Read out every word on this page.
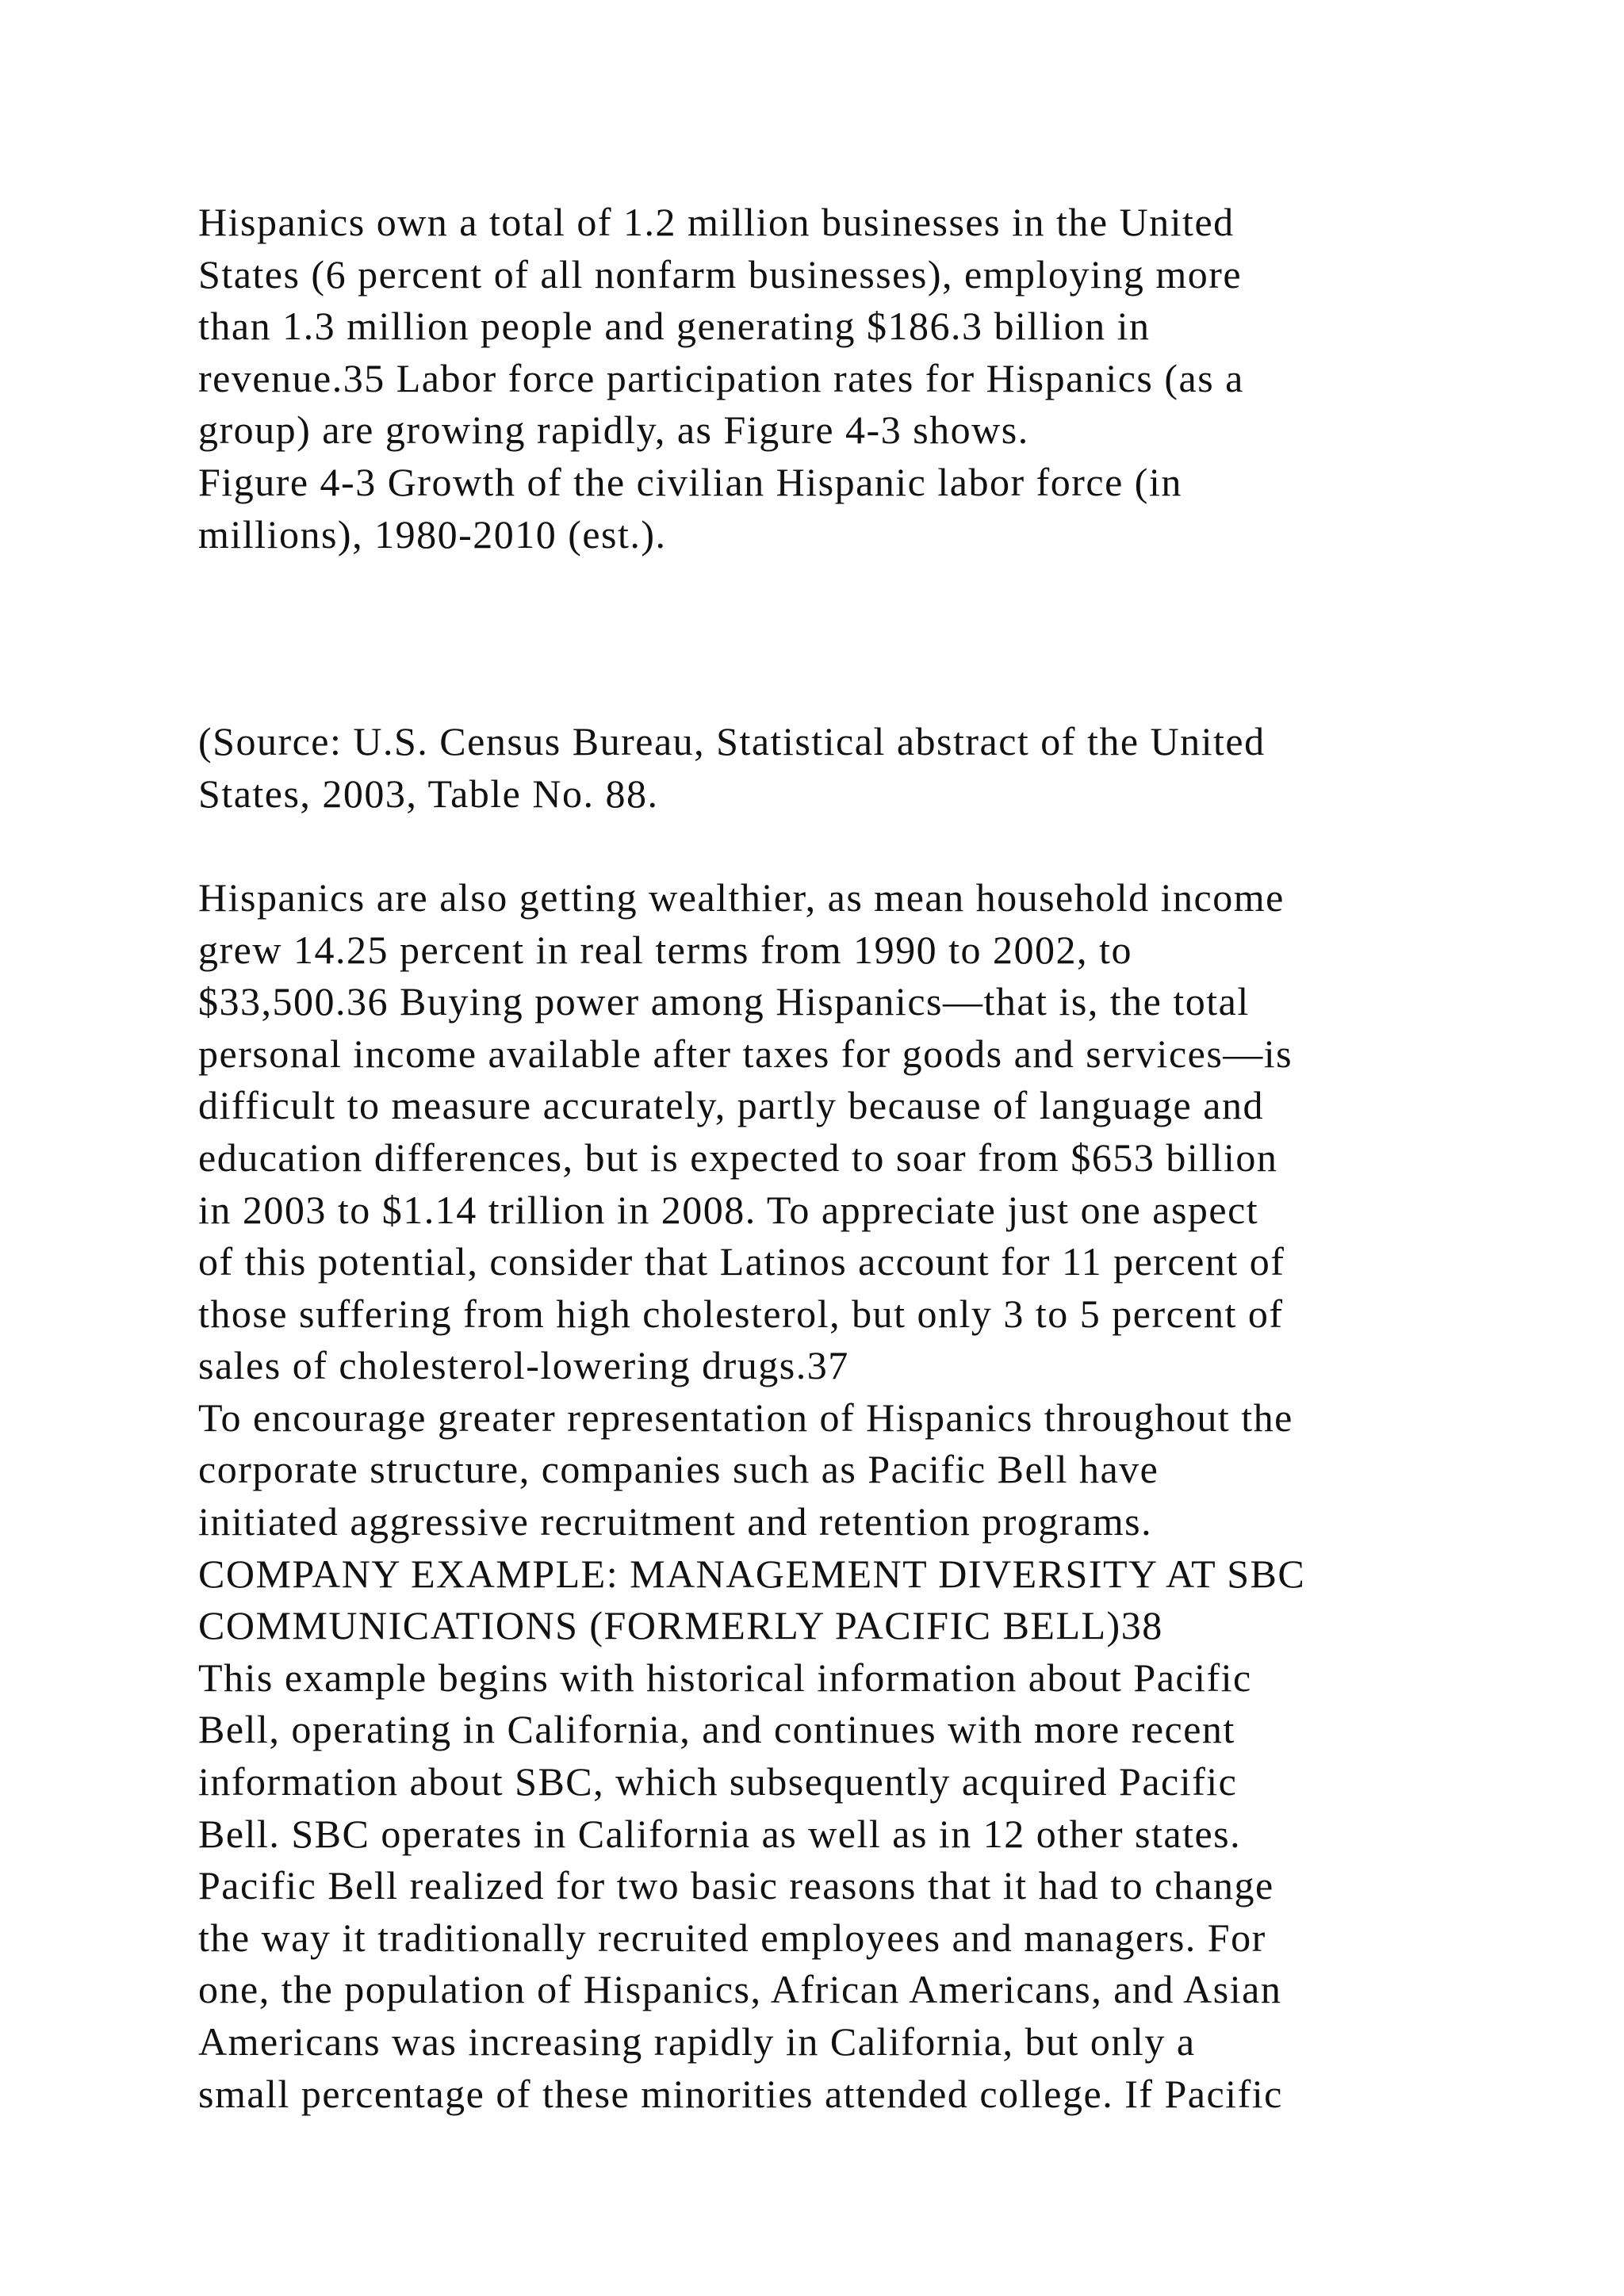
Hispanics own a total of 1.2 million businesses in the United
States (6 percent of all nonfarm businesses), employing more
than 1.3 million people and generating $186.3 billion in
revenue.35 Labor force participation rates for Hispanics (as a
group) are growing rapidly, as Figure 4-3 shows.
Figure 4-3 Growth of the civilian Hispanic labor force (in
millions), 1980-2010 (est.).
(Source: U.S. Census Bureau, Statistical abstract of the United
States, 2003, Table No. 88.
Hispanics are also getting wealthier, as mean household income
grew 14.25 percent in real terms from 1990 to 2002, to
$33,500.36 Buying power among Hispanics—that is, the total
personal income available after taxes for goods and services—is
difficult to measure accurately, partly because of language and
education differences, but is expected to soar from $653 billion
in 2003 to $1.14 trillion in 2008. To appreciate just one aspect
of this potential, consider that Latinos account for 11 percent of
those suffering from high cholesterol, but only 3 to 5 percent of
sales of cholesterol-lowering drugs.37
To encourage greater representation of Hispanics throughout the
corporate structure, companies such as Pacific Bell have
initiated aggressive recruitment and retention programs.
COMPANY EXAMPLE: MANAGEMENT DIVERSITY AT SBC
COMMUNICATIONS (FORMERLY PACIFIC BELL)38
This example begins with historical information about Pacific
Bell, operating in California, and continues with more recent
information about SBC, which subsequently acquired Pacific
Bell. SBC operates in California as well as in 12 other states.
Pacific Bell realized for two basic reasons that it had to change
the way it traditionally recruited employees and managers. For
one, the population of Hispanics, African Americans, and Asian
Americans was increasing rapidly in California, but only a
small percentage of these minorities attended college. If Pacific
